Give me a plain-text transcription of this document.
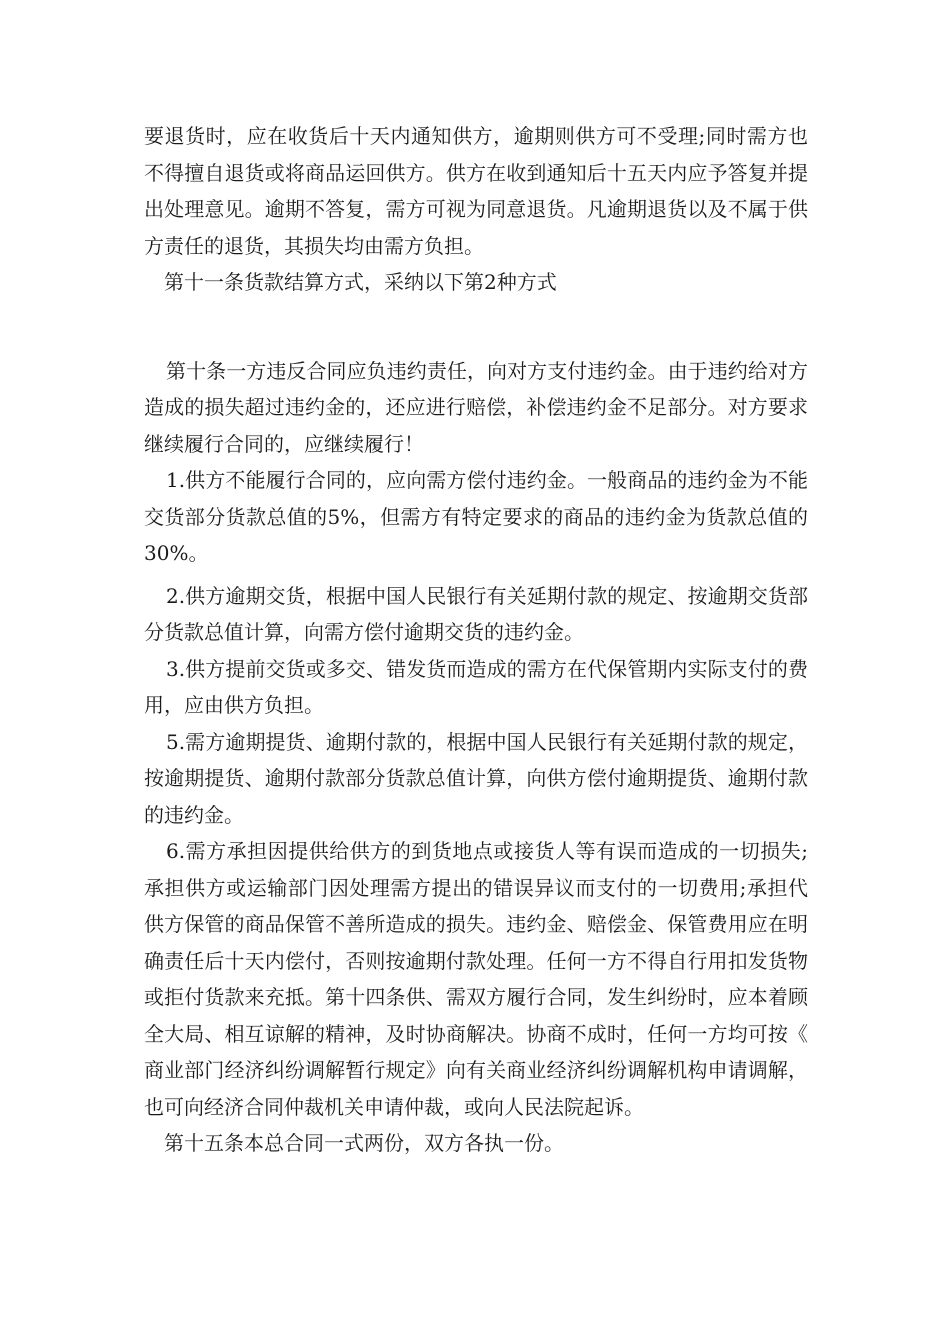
要退货时，应在收货后十天内通知供方，逾期则供方可不受理;同时需方也不得擅自退货或将商品运回供方。供方在收到通知后十五天内应予答复并提出处理意见。逾期不答复，需方可视为同意退货。凡逾期退货以及不属于供方责任的退货，其损失均由需方负担。

第十一条货款结算方式，采纳以下第2种方式

第十条一方违反合同应负违约责任，向对方支付违约金。由于违约给对方造成的损失超过违约金的，还应进行赔偿，补偿违约金不足部分。对方要求继续履行合同的，应继续履行！

1.供方不能履行合同的，应向需方偿付违约金。一般商品的违约金为不能交货部分货款总值的5%，但需方有特定要求的商品的违约金为货款总值的30%。

2.供方逾期交货，根据中国人民银行有关延期付款的规定、按逾期交货部分货款总值计算，向需方偿付逾期交货的违约金。

3.供方提前交货或多交、错发货而造成的需方在代保管期内实际支付的费用，应由供方负担。

5.需方逾期提货、逾期付款的，根据中国人民银行有关延期付款的规定，按逾期提货、逾期付款部分货款总值计算，向供方偿付逾期提货、逾期付款的违约金。

6.需方承担因提供给供方的到货地点或接货人等有误而造成的一切损失;承担供方或运输部门因处理需方提出的错误异议而支付的一切费用;承担代供方保管的商品保管不善所造成的损失。违约金、赔偿金、保管费用应在明确责任后十天内偿付，否则按逾期付款处理。任何一方不得自行用扣发货物或拒付货款来充抵。第十四条供、需双方履行合同，发生纠纷时，应本着顾全大局、相互谅解的精神，及时协商解决。协商不成时，任何一方均可按《商业部门经济纠纷调解暂行规定》向有关商业经济纠纷调解机构申请调解，也可向经济合同仲裁机关申请仲裁，或向人民法院起诉。

第十五条本总合同一式两份，双方各执一份。
